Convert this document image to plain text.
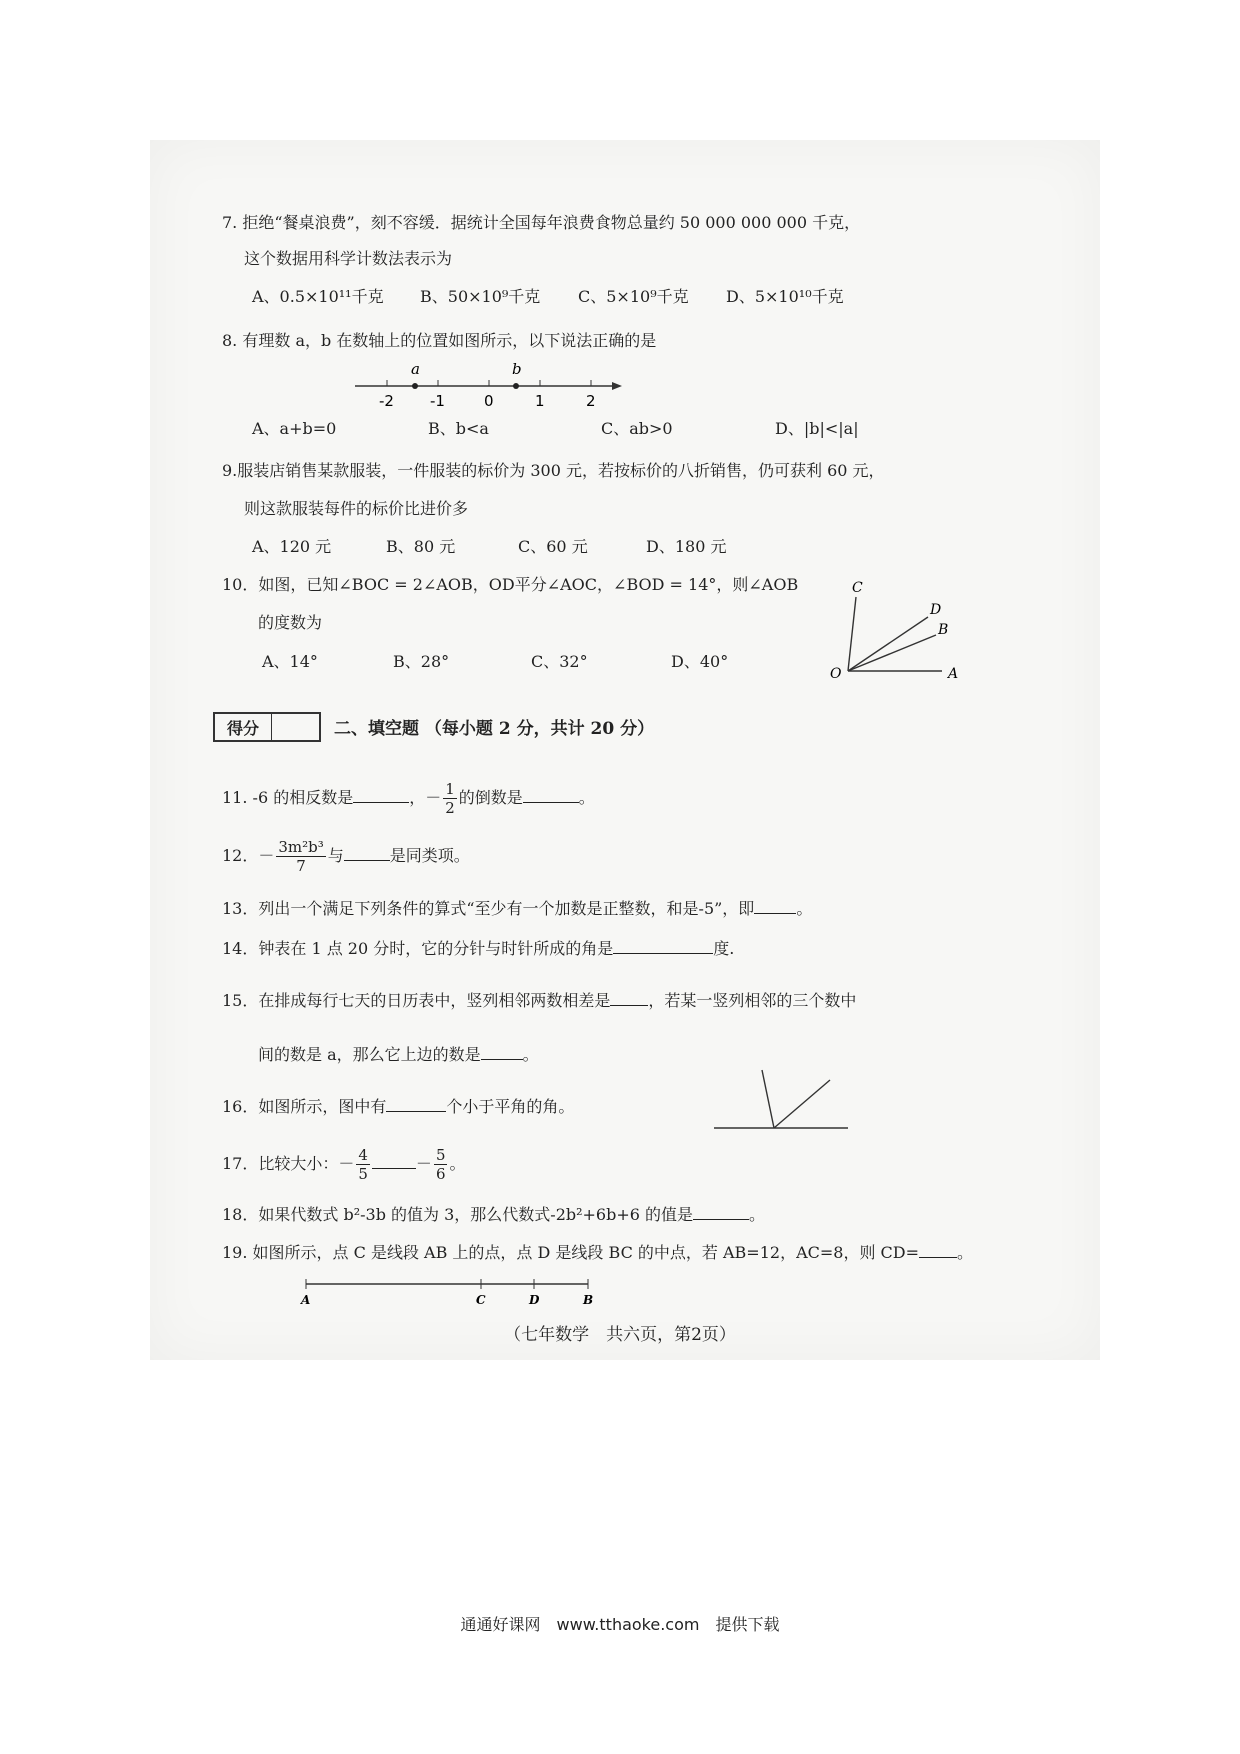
7. 拒绝“餐桌浪费”，刻不容缓．据统计全国每年浪费食物总量约 50 000 000 000 千克，
这个数据用科学计数法表示为
A、0.5×10¹¹千克 B、50×10⁹千克 C、5×10⁹千克 D、5×10¹⁰千克
8. 有理数 a，b 在数轴上的位置如图所示，以下说法正确的是
a	b
-2 -1	0	1	2
A、a+b=0	B、b<a	C、ab>0	D、|b|<|a|
9.服装店销售某款服装，一件服装的标价为 300 元，若按标价的八折销售，仍可获利 60 元，
则这款服装每件的标价比进价多
A、120 元	B、80 元	C、60 元	D、180 元
10．如图，已知∠BOC = 2∠AOB，OD平分∠AOC，∠BOD = 14°，则∠AOB
的度数为
A、14°	B、28°	C、32°	D、40°
C
D
B
O	A
得分	二、填空题 （每小题 2 分，共计 20 分）
11. -6 的相反数是	，－ $\frac{1}{2}$ 的倒数是	。
12．－ $\frac{\text{3m²b³}}{7}$ 与	是同类项。
13．列出一个满足下列条件的算式“至少有一个加数是正整数，和是-5”，即	。
14．钟表在 1 点 20 分时，它的分针与时针所成的角是	度.
15．在排成每行七天的日历表中，竖列相邻两数相差是 ，若某一竖列相邻的三个数中
间的数是 a，那么它上边的数是	。
16．如图所示，图中有	个小于平角的角。
17．比较大小：－ $\frac{4}{5}$	－ $\frac{5}{6}$ 。
18．如果代数式 b²-3b 的值为 3，那么代数式-2b²+6b+6 的值是	。
19. 如图所示，点 C 是线段 AB 上的点，点 D 是线段 BC 的中点，若 AB=12，AC=8，则 CD= 。
A	C	D	B
（七年数学　共六页，第2页）
通通好课网　www.tthaoke.com　提供下载
